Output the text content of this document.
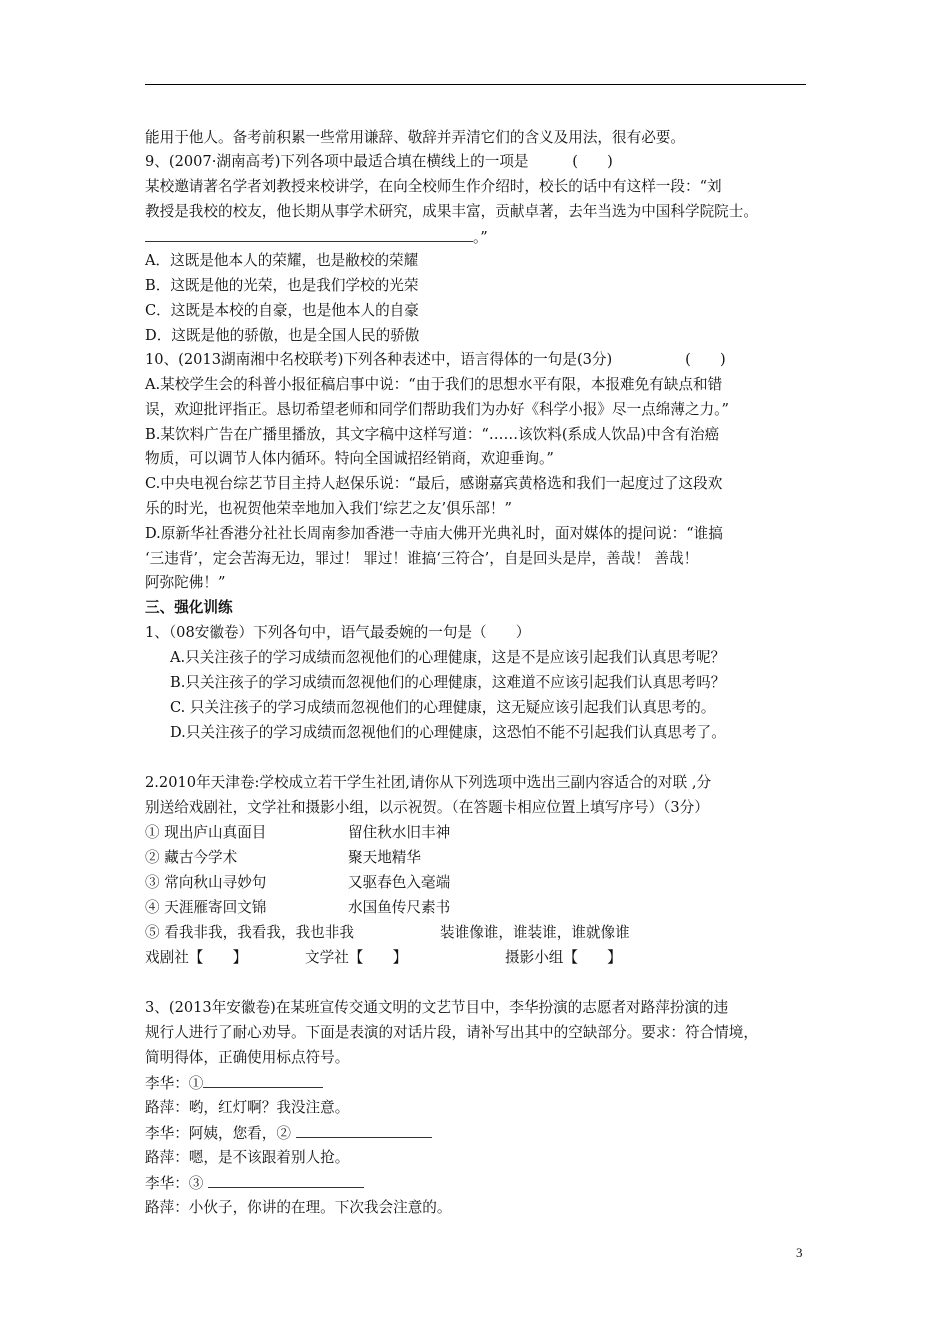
能用于他人。备考前积累一些常用谦辞、敬辞并弄清它们的含义及用法，很有必要。
9、(2007·湖南高考)下列各项中最适合填在横线上的一项是　　　(　　)
某校邀请著名学者刘教授来校讲学，在向全校师生作介绍时，校长的话中有这样一段：“刘
教授是我校的校友，他长期从事学术研究，成果丰富，贡献卓著，去年当选为中国科学院院士。
。”
A．这既是他本人的荣耀，也是敝校的荣耀
B．这既是他的光荣，也是我们学校的光荣
C．这既是本校的自豪，也是他本人的自豪
D．这既是他的骄傲，也是全国人民的骄傲
10、(2013湖南湘中名校联考)下列各种表述中，语言得体的一句是(3分)　　　　　(　　)
A.某校学生会的科普小报征稿启事中说：“由于我们的思想水平有限，本报难免有缺点和错
误，欢迎批评指正。恳切希望老师和同学们帮助我们为办好《科学小报》尽一点绵薄之力。”
B.某饮料广告在广播里播放，其文字稿中这样写道：“……该饮料(系成人饮品)中含有治癌
物质，可以调节人体内循环。特向全国诚招经销商，欢迎垂询。”
C.中央电视台综艺节目主持人赵保乐说：“最后，感谢嘉宾黄格选和我们一起度过了这段欢
乐的时光，也祝贺他荣幸地加入我们‘综艺之友’俱乐部！”
D.原新华社香港分社社长周南参加香港一寺庙大佛开光典礼时，面对媒体的提问说：“谁搞
‘三违背’，定会苦海无边，罪过！ 罪过！谁搞‘三符合’，自是回头是岸，善哉！ 善哉！
阿弥陀佛！”
三、强化训练
1、（08安徽卷）下列各句中，语气最委婉的一句是（　　）
A.只关注孩子的学习成绩而忽视他们的心理健康，这是不是应该引起我们认真思考呢？
B.只关注孩子的学习成绩而忽视他们的心理健康，这难道不应该引起我们认真思考吗？
C. 只关注孩子的学习成绩而忽视他们的心理健康，这无疑应该引起我们认真思考的。
D.只关注孩子的学习成绩而忽视他们的心理健康，这恐怕不能不引起我们认真思考了。
2.2010年天津卷:学校成立若干学生社团,请你从下列选项中选出三副内容适合的对联 ,分
别送给戏剧社，文学社和摄影小组，以示祝贺。（在答题卡相应位置上填写序号）（3分）
① 现出庐山真面目	留住秋水旧丰神
② 藏古今学术	聚天地精华
③ 常向秋山寻妙句	又驱春色入毫端
④ 天涯雁寄回文锦	水国鱼传尺素书
⑤ 看我非我，我看我，我也非我	装谁像谁，谁装谁，谁就像谁
戏剧社【　　】	文学社【　　】	摄影小组【　　】
3、(2013年安徽卷)在某班宣传交通文明的文艺节目中，李华扮演的志愿者对路萍扮演的违
规行人进行了耐心劝导。下面是表演的对话片段，请补写出其中的空缺部分。要求：符合情境，
简明得体，正确使用标点符号。
李华：①
路萍：哟，红灯啊？我没注意。
李华：阿姨，您看，②
路萍：嗯，是不该跟着别人抢。
李华：③
路萍：小伙子，你讲的在理。下次我会注意的。
3
